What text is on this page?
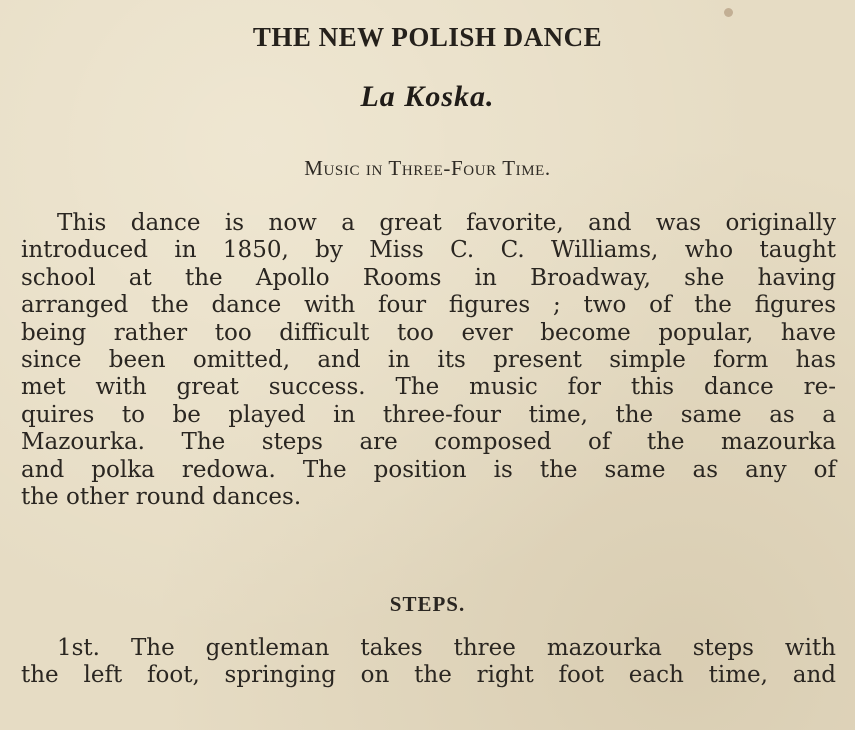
THE NEW POLISH DANCE
La Koska.
Music in Three-Four Time.
This dance is now a great favorite, and was originally
introduced in 1850, by Miss C. C. Williams, who taught
school at the Apollo Rooms in Broadway, she having
arranged the dance with four figures ; two of the figures
being rather too difficult too ever become popular, have
since been omitted, and in its present simple form has
met with great success. The music for this dance re-
quires to be played in three-four time, the same as a
Mazourka. The steps are composed of the mazourka
and polka redowa. The position is the same as any of
the other round dances.
STEPS.
1st. The gentleman takes three mazourka steps with
the left foot, springing on the right foot each time, and
